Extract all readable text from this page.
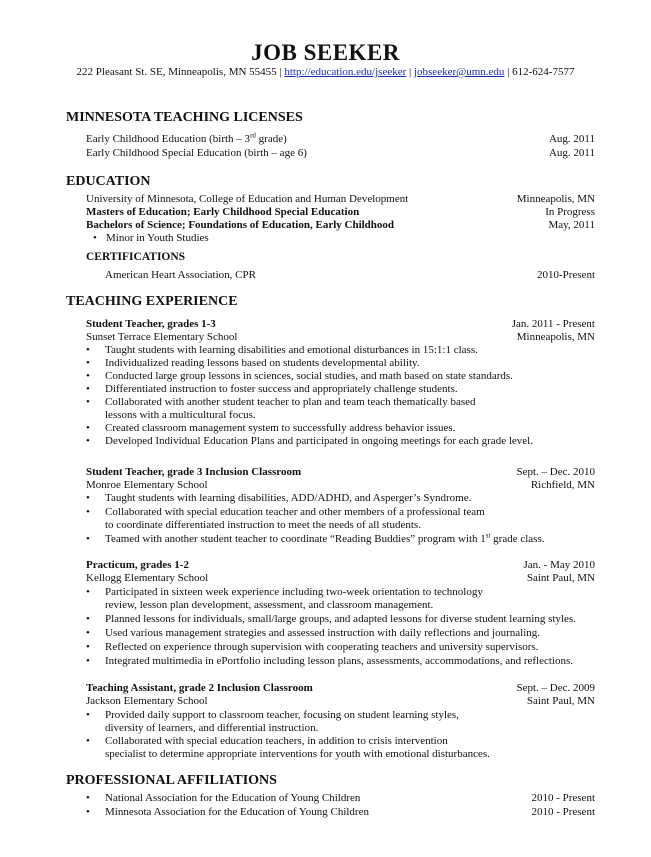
JOB SEEKER
222 Pleasant St. SE, Minneapolis, MN 55455 | http://education.edu/jseeker | jobseeker@umn.edu | 612-624-7577
MINNESOTA TEACHING LICENSES
Early Childhood Education (birth – 3rd grade)	Aug. 2011
Early Childhood Special Education (birth – age 6)	Aug. 2011
EDUCATION
University of Minnesota, College of Education and Human Development	Minneapolis, MN
Masters of Education; Early Childhood Special Education	In Progress
Bachelors of Science; Foundations of Education, Early Childhood	May, 2011
• Minor in Youth Studies
CERTIFICATIONS
American Heart Association, CPR	2010-Present
TEACHING EXPERIENCE
Student Teacher, grades 1-3	Jan. 2011 - Present
Sunset Terrace Elementary School	Minneapolis, MN
• Taught students with learning disabilities and emotional disturbances in 15:1:1 class.
• Individualized reading lessons based on students developmental ability.
• Conducted large group lessons in sciences, social studies, and math based on state standards.
• Differentiated instruction to foster success and appropriately challenge students.
• Collaborated with another student teacher to plan and team teach thematically based
lessons with a multicultural focus.
• Created classroom management system to successfully address behavior issues.
• Developed Individual Education Plans and participated in ongoing meetings for each grade level.
Student Teacher, grade 3 Inclusion Classroom	Sept. – Dec. 2010
Monroe Elementary School	Richfield, MN
• Taught students with learning disabilities, ADD/ADHD, and Asperger’s Syndrome.
• Collaborated with special education teacher and other members of a professional team
to coordinate differentiated instruction to meet the needs of all students.
• Teamed with another student teacher to coordinate “Reading Buddies” program with 1st grade class.
Practicum, grades 1-2	Jan. - May 2010
Kellogg Elementary School	Saint Paul, MN
• Participated in sixteen week experience including two-week orientation to technology
review, lesson plan development, assessment, and classroom management.
• Planned lessons for individuals, small/large groups, and adapted lessons for diverse student learning styles.
• Used various management strategies and assessed instruction with daily reflections and journaling.
• Reflected on experience through supervision with cooperating teachers and university supervisors.
• Integrated multimedia in ePortfolio including lesson plans, assessments, accommodations, and reflections.
Teaching Assistant, grade 2 Inclusion Classroom	Sept. – Dec. 2009
Jackson Elementary School	Saint Paul, MN
• Provided daily support to classroom teacher, focusing on student learning styles,
diversity of learners, and differential instruction.
• Collaborated with special education teachers, in addition to crisis intervention
specialist to determine appropriate interventions for youth with emotional disturbances.
PROFESSIONAL AFFILIATIONS
• National Association for the Education of Young Children	2010 - Present
• Minnesota Association for the Education of Young Children	2010 - Present
